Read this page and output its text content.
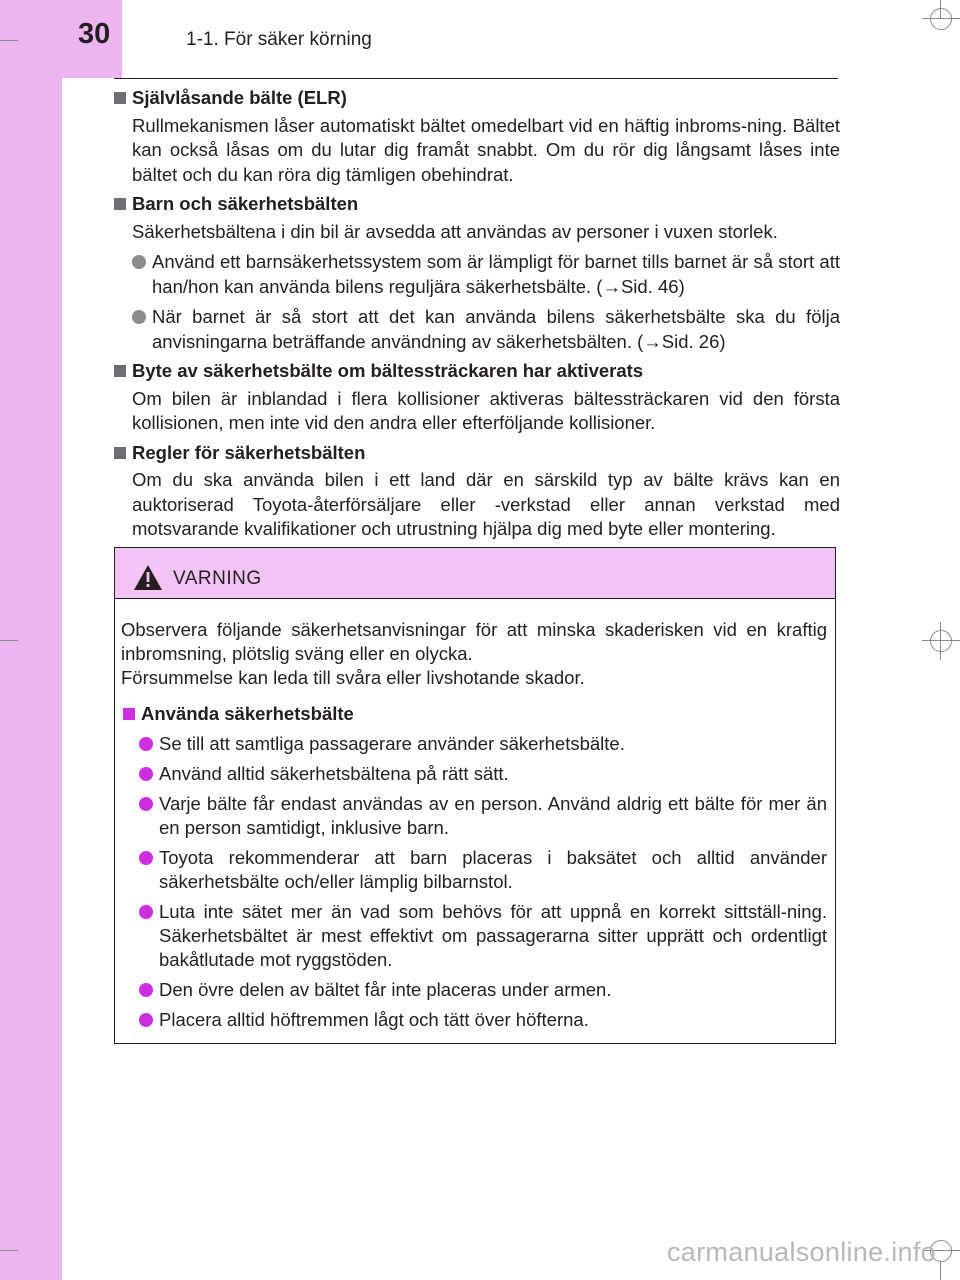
30	1-1. För säker körning
Självlåsande bälte (ELR)
Rullmekanismen låser automatiskt bältet omedelbart vid en häftig inbroms-ning. Bältet kan också låsas om du lutar dig framåt snabbt. Om du rör dig långsamt låses inte bältet och du kan röra dig tämligen obehindrat.
Barn och säkerhetsbälten
Säkerhetsbältena i din bil är avsedda att användas av personer i vuxen storlek.
Använd ett barnsäkerhetssystem som är lämpligt för barnet tills barnet är så stort att han/hon kan använda bilens reguljära säkerhetsbälte. (→Sid. 46)
När barnet är så stort att det kan använda bilens säkerhetsbälte ska du följa anvisningarna beträffande användning av säkerhetsbälten. (→Sid. 26)
Byte av säkerhetsbälte om bältessträckaren har aktiverats
Om bilen är inblandad i flera kollisioner aktiveras bältessträckaren vid den första kollisionen, men inte vid den andra eller efterföljande kollisioner.
Regler för säkerhetsbälten
Om du ska använda bilen i ett land där en särskild typ av bälte krävs kan en auktoriserad Toyota-återförsäljare eller -verkstad eller annan verkstad med motsvarande kvalifikationer och utrustning hjälpa dig med byte eller montering.
VARNING
Observera följande säkerhetsanvisningar för att minska skaderisken vid en kraftig inbromsning, plötslig sväng eller en olycka.
Försummelse kan leda till svåra eller livshotande skador.
Använda säkerhetsbälte
Se till att samtliga passagerare använder säkerhetsbälte.
Använd alltid säkerhetsbältena på rätt sätt.
Varje bälte får endast användas av en person. Använd aldrig ett bälte för mer än en person samtidigt, inklusive barn.
Toyota rekommenderar att barn placeras i baksätet och alltid använder säkerhetsbälte och/eller lämplig bilbarnstol.
Luta inte sätet mer än vad som behövs för att uppnå en korrekt sittställ-ning. Säkerhetsbältet är mest effektivt om passagerarna sitter upprätt och ordentligt bakåtlutade mot ryggstöden.
Den övre delen av bältet får inte placeras under armen.
Placera alltid höftremmen lågt och tätt över höfterna.
carmanualsonline.info
